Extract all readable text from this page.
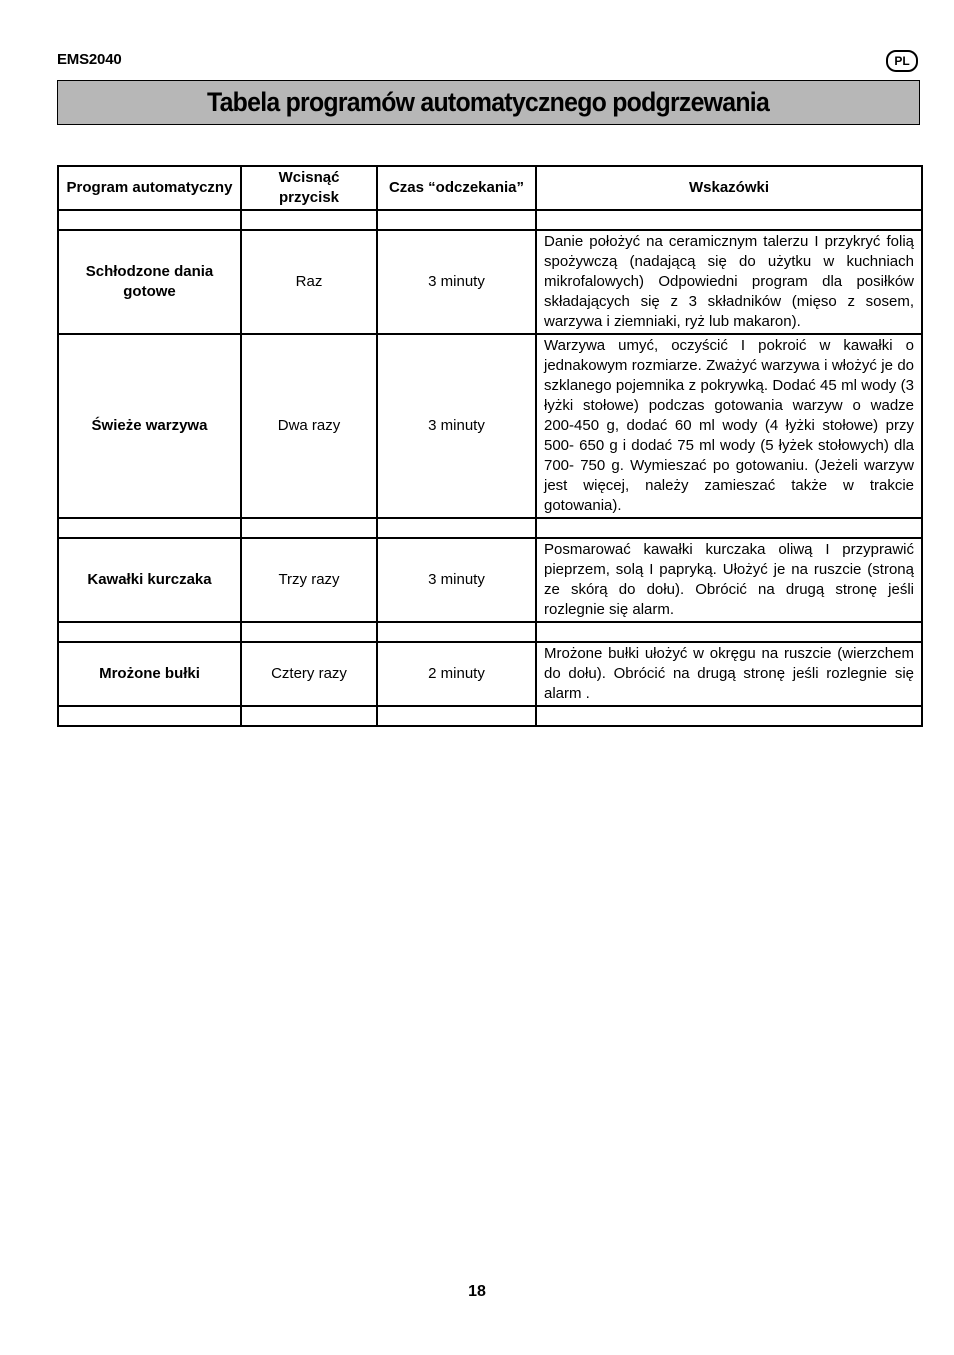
EMS2040	PL
Tabela programów automatycznego podgrzewania
Program automatyczny	Wcisnąć przycisk	Czas “odczekania”	Wskazówki

Schłodzone dania gotowe	Raz	3 minuty	Danie położyć na ceramicznym talerzu I przykryć folią spożywczą (nadającą się do użytku w kuchniach mikrofalowych) Odpowiedni program dla posiłków składających się z 3 składników (mięso z sosem, warzywa i ziemniaki, ryż lub makaron).
Świeże warzywa	Dwa razy	3 minuty	Warzywa umyć, oczyścić I pokroić w kawałki o jednakowym rozmiarze. Zważyć warzywa i włożyć je do szklanego pojemnika z pokrywką. Dodać 45 ml wody (3 łyżki stołowe) podczas gotowania warzyw o wadze 200-450 g, dodać 60 ml wody (4 łyżki stołowe) przy 500- 650 g i dodać 75 ml wody (5 łyżek stołowych) dla 700- 750 g. Wymieszać po gotowaniu. (Jeżeli warzyw jest więcej, należy zamieszać także w trakcie gotowania).

Kawałki kurczaka	Trzy razy	3 minuty	Posmarować kawałki kurczaka oliwą I przyprawić pieprzem, solą I papryką. Ułożyć je na ruszcie (stroną ze skórą do dołu). Obrócić na drugą stronę jeśli rozlegnie się alarm.

Mrożone bułki	Cztery razy	2 minuty	Mrożone bułki ułożyć w okręgu na ruszcie (wierzchem do dołu). Obrócić na drugą stronę jeśli rozlegnie się alarm .

18
